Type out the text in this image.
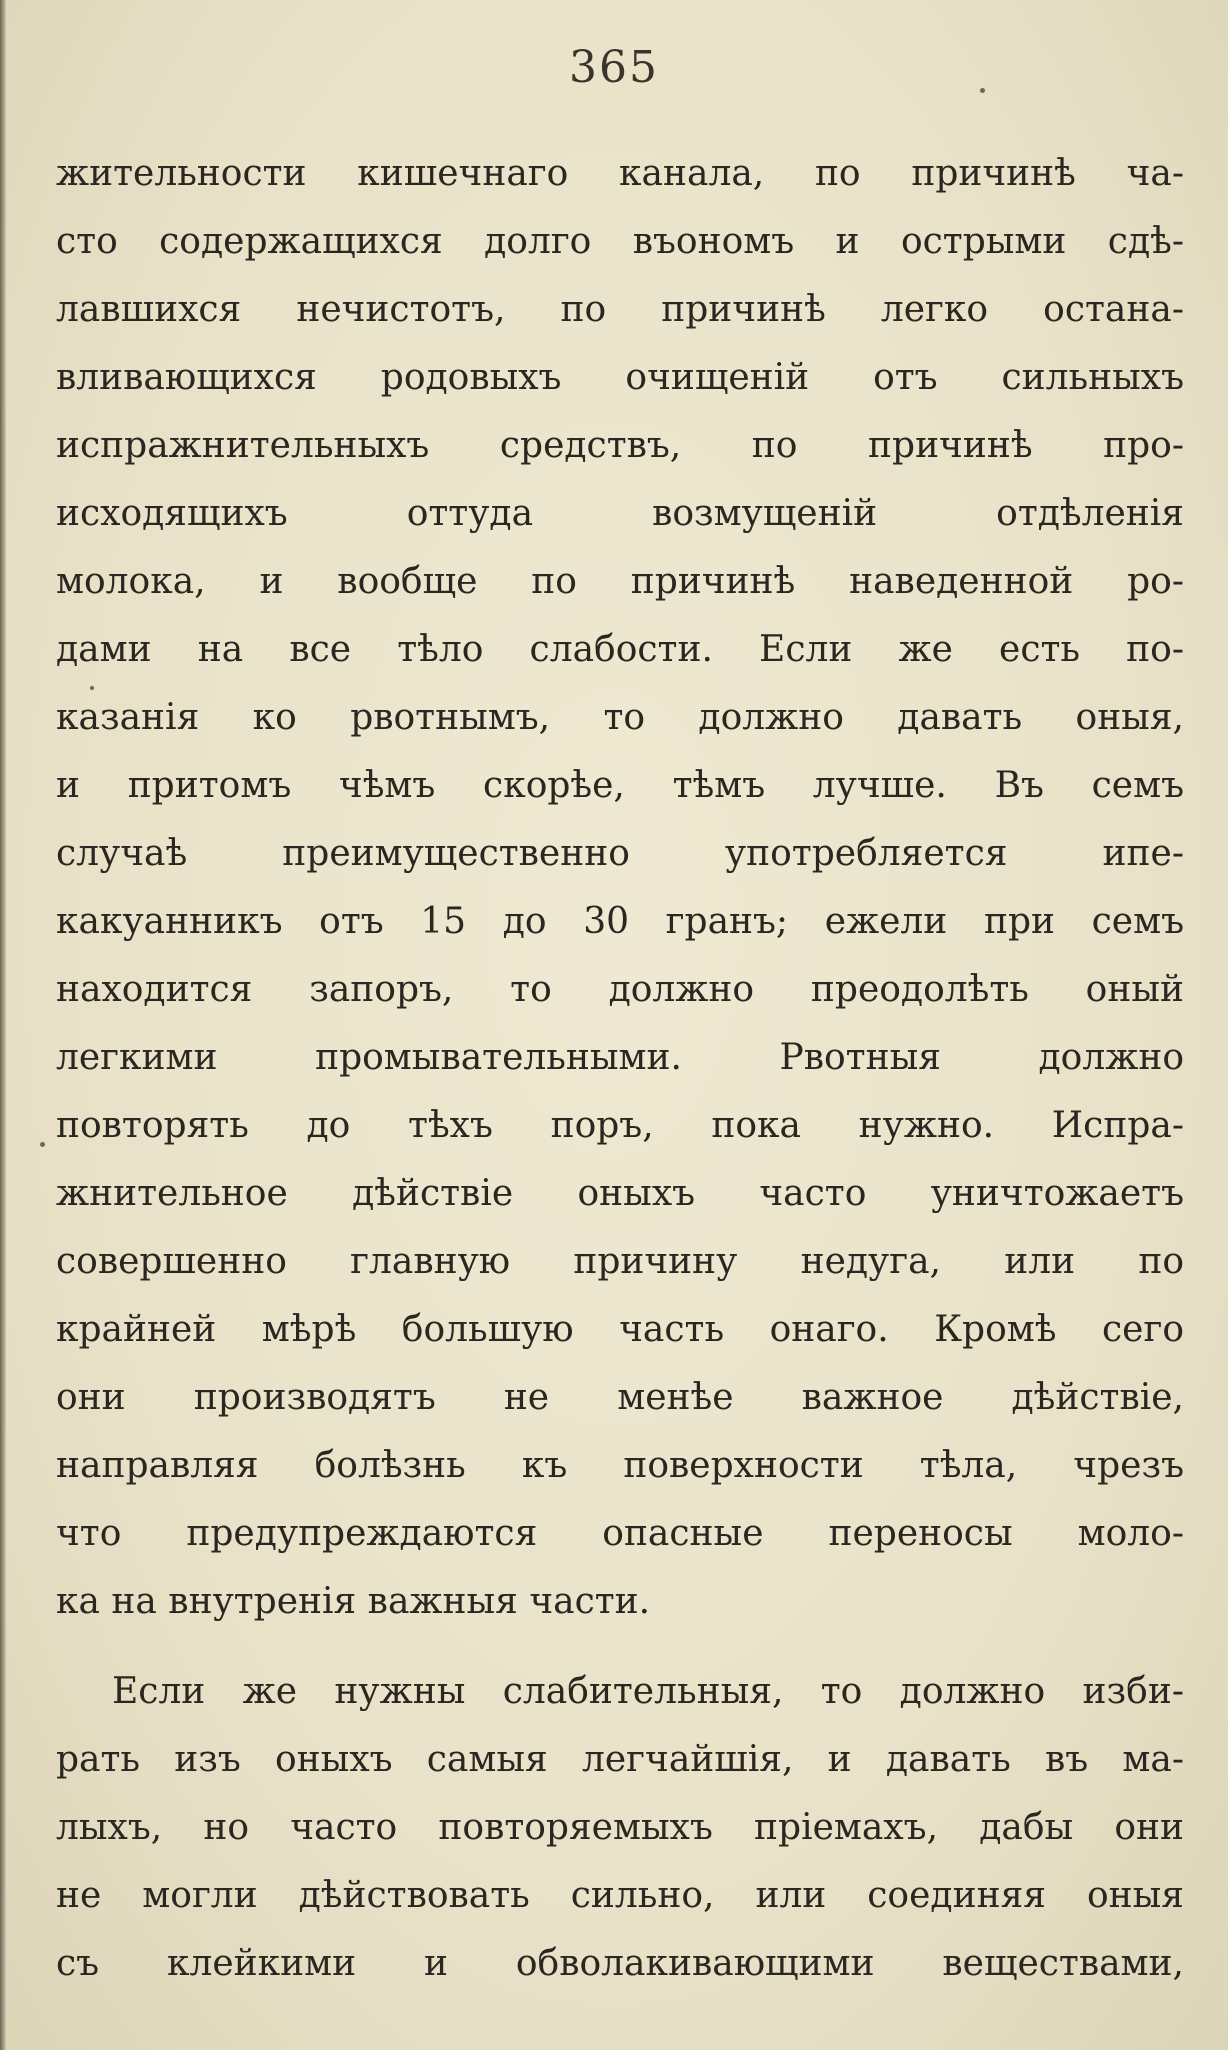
365
жительности кишечнаго канала, по причинѣ ча-
сто содержащихся долго въономъ и острыми сдѣ-
лавшихся нечистотъ, по причинѣ легко остана-
вливающихся родовыхъ очищеній отъ сильныхъ
испражнительныхъ средствъ, по причинѣ про-
исходящихъ оттуда возмущеній отдѣленія
молока, и вообще по причинѣ наведенной ро-
дами на все тѣло слабости. Если же есть по-
казанія ко рвотнымъ, то должно давать оныя,
и притомъ чѣмъ скорѣе, тѣмъ лучше. Въ семъ
случаѣ преимущественно употребляется ипе-
какуанникъ отъ 15 до 30 гранъ; ежели при семъ
находится запоръ, то должно преодолѣть оный
легкими промывательными. Рвотныя должно
повторять до тѣхъ поръ, пока нужно. Испра-
жнительное дѣйствіе оныхъ часто уничтожаетъ
совершенно главную причину недуга, или по
крайней мѣрѣ большую часть онаго. Кромѣ сего
они производятъ не менѣе важное дѣйствіе,
направляя болѣзнь къ поверхности тѣла, чрезъ
что предупреждаются опасные переносы моло-
ка на внутренія важныя части.
Если же нужны слабительныя, то должно изби-
рать изъ оныхъ самыя легчайшія, и давать въ ма-
лыхъ, но часто повторяемыхъ пріемахъ, дабы они
не могли дѣйствовать сильно, или соединяя оныя
съ клейкими и обволакивающими веществами,
